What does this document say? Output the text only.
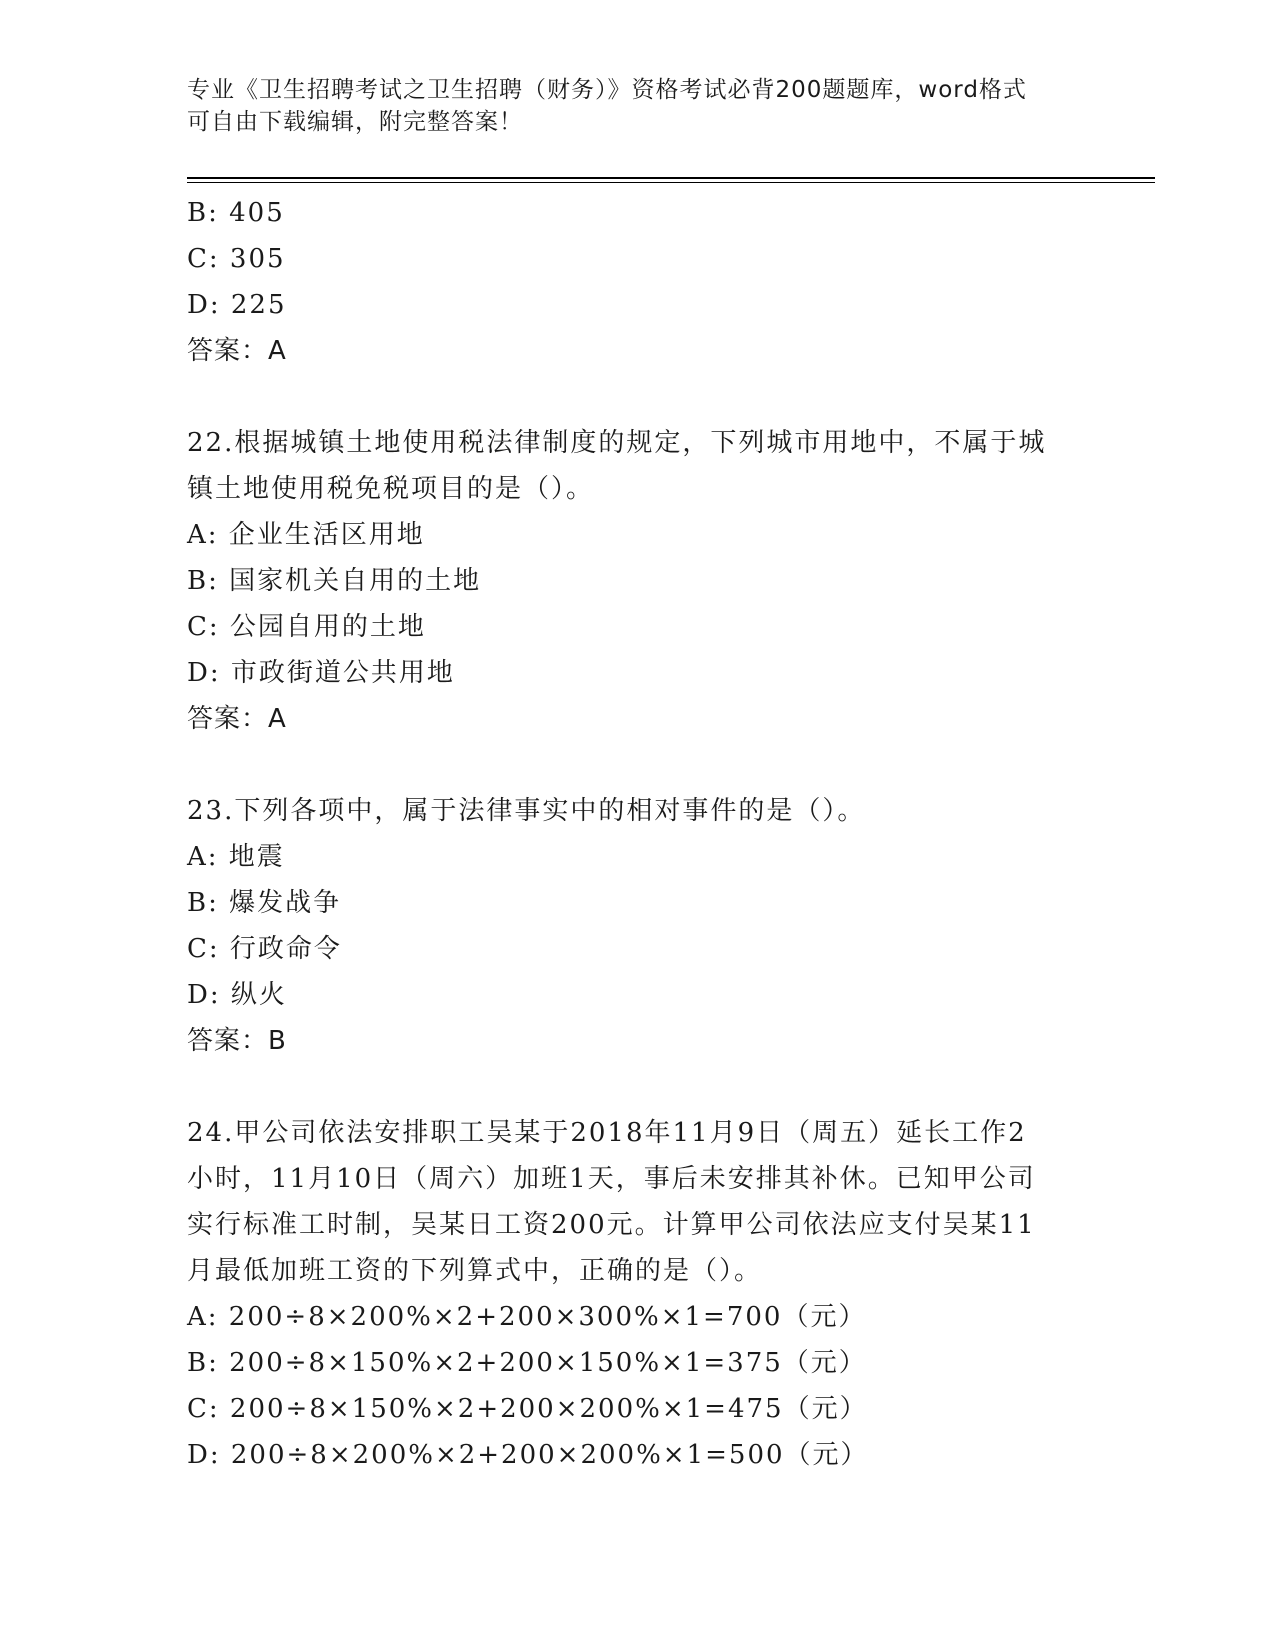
专业《卫生招聘考试之卫生招聘（财务）》资格考试必背200题题库，word格式
可自由下载编辑，附完整答案！
B: 405
C: 305
D: 225
答案：A
22.根据城镇土地使用税法律制度的规定，下列城市用地中，不属于城
镇土地使用税免税项目的是（）。
A: 企业生活区用地
B: 国家机关自用的土地
C: 公园自用的土地
D: 市政街道公共用地
答案：A
23.下列各项中，属于法律事实中的相对事件的是（）。
A: 地震
B: 爆发战争
C: 行政命令
D: 纵火
答案：B
24.甲公司依法安排职工吴某于2018年11月9日（周五）延长工作2
小时，11月10日（周六）加班1天，事后未安排其补休。已知甲公司
实行标准工时制，吴某日工资200元。计算甲公司依法应支付吴某11
月最低加班工资的下列算式中，正确的是（）。
A: 200÷8×200%×2+200×300%×1=700（元）
B: 200÷8×150%×2+200×150%×1=375（元）
C: 200÷8×150%×2+200×200%×1=475（元）
D: 200÷8×200%×2+200×200%×1=500（元）
